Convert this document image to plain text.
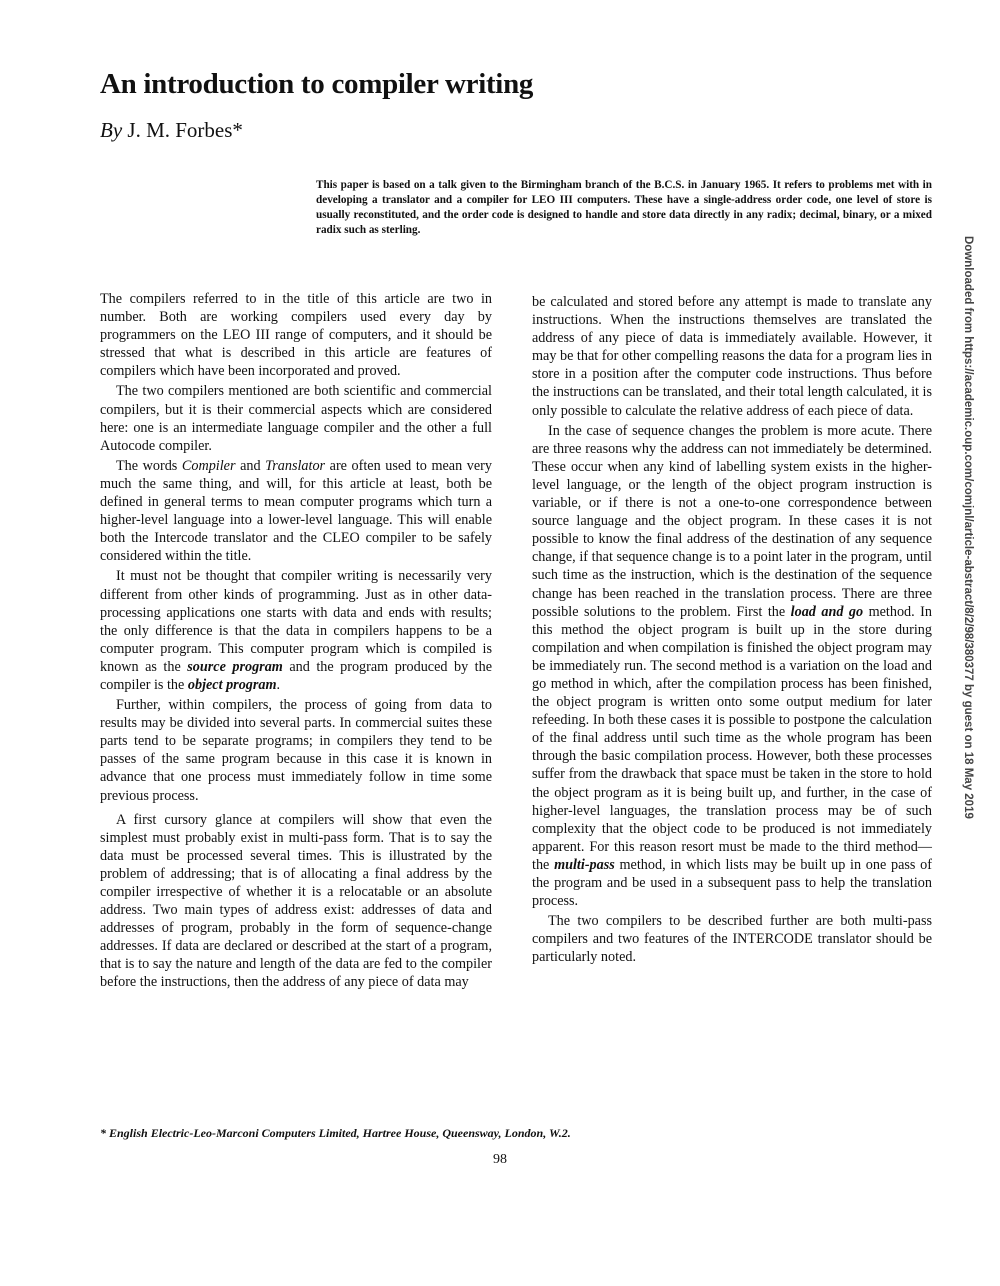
An introduction to compiler writing
By J. M. Forbes*

This paper is based on a talk given to the Birmingham branch of the B.C.S. in January 1965. It refers to problems met with in developing a translator and a compiler for LEO III computers. These have a single-address order code, one level of store is usually reconstituted, and the order code is designed to handle and store data directly in any radix; decimal, binary, or a mixed radix such as sterling.

The compilers referred to in the title of this article are two in number. Both are working compilers used every day by programmers on the LEO III range of computers, and it should be stressed that what is described in this article are features of compilers which have been incorporated and proved.

The two compilers mentioned are both scientific and commercial compilers, but it is their commercial aspects which are considered here: one is an intermediate language compiler and the other a full Autocode compiler.

The words Compiler and Translator are often used to mean very much the same thing, and will, for this article at least, both be defined in general terms to mean computer programs which turn a higher-level language into a lower-level language. This will enable both the Intercode translator and the CLEO compiler to be safely considered within the title.

It must not be thought that compiler writing is necessarily very different from other kinds of programming. Just as in other data-processing applications one starts with data and ends with results; the only difference is that the data in compilers happens to be a computer program. This computer program which is compiled is known as the source program and the program produced by the compiler is the object program.

Further, within compilers, the process of going from data to results may be divided into several parts. In commercial suites these parts tend to be separate programs; in compilers they tend to be passes of the same program because in this case it is known in advance that one process must immediately follow in time some previous process.

A first cursory glance at compilers will show that even the simplest must probably exist in multi-pass form. That is to say the data must be processed several times. This is illustrated by the problem of addressing; that is of allocating a final address by the compiler irrespective of whether it is a relocatable or an absolute address. Two main types of address exist: addresses of data and addresses of program, probably in the form of sequence-change addresses. If data are declared or described at the start of a program, that is to say the nature and length of the data are fed to the compiler before the instructions, then the address of any piece of data may

be calculated and stored before any attempt is made to translate any instructions. When the instructions themselves are translated the address of any piece of data is immediately available. However, it may be that for other compelling reasons the data for a program lies in store in a position after the computer code instructions. Thus before the instructions can be translated, and their total length calculated, it is only possible to calculate the relative address of each piece of data.

In the case of sequence changes the problem is more acute. There are three reasons why the address can not immediately be determined. These occur when any kind of labelling system exists in the higher-level language, or the length of the object program instruction is variable, or if there is not a one-to-one correspondence between source language and the object program. In these cases it is not possible to know the final address of the destination of any sequence change, if that sequence change is to a point later in the program, until such time as the instruction, which is the destination of the sequence change has been reached in the translation process. There are three possible solutions to the problem. First the load and go method. In this method the object program is built up in the store during compilation and when compilation is finished the object program may be immediately run. The second method is a variation on the load and go method in which, after the compilation process has been finished, the object program is written onto some output medium for later refeeding. In both these cases it is possible to postpone the calculation of the final address until such time as the whole program has been through the basic compilation process. However, both these processes suffer from the drawback that space must be taken in the store to hold the object program as it is being built up, and further, in the case of higher-level languages, the translation process may be of such complexity that the object code to be produced is not immediately apparent. For this reason resort must be made to the third method—the multi-pass method, in which lists may be built up in one pass of the program and be used in a subsequent pass to help the translation process.

The two compilers to be described further are both multi-pass compilers and two features of the INTERCODE translator should be particularly noted.

* English Electric-Leo-Marconi Computers Limited, Hartree House, Queensway, London, W.2.
98
Downloaded from https://academic.oup.com/comjnl/article-abstract/8/2/98/380377 by guest on 18 May 2019
